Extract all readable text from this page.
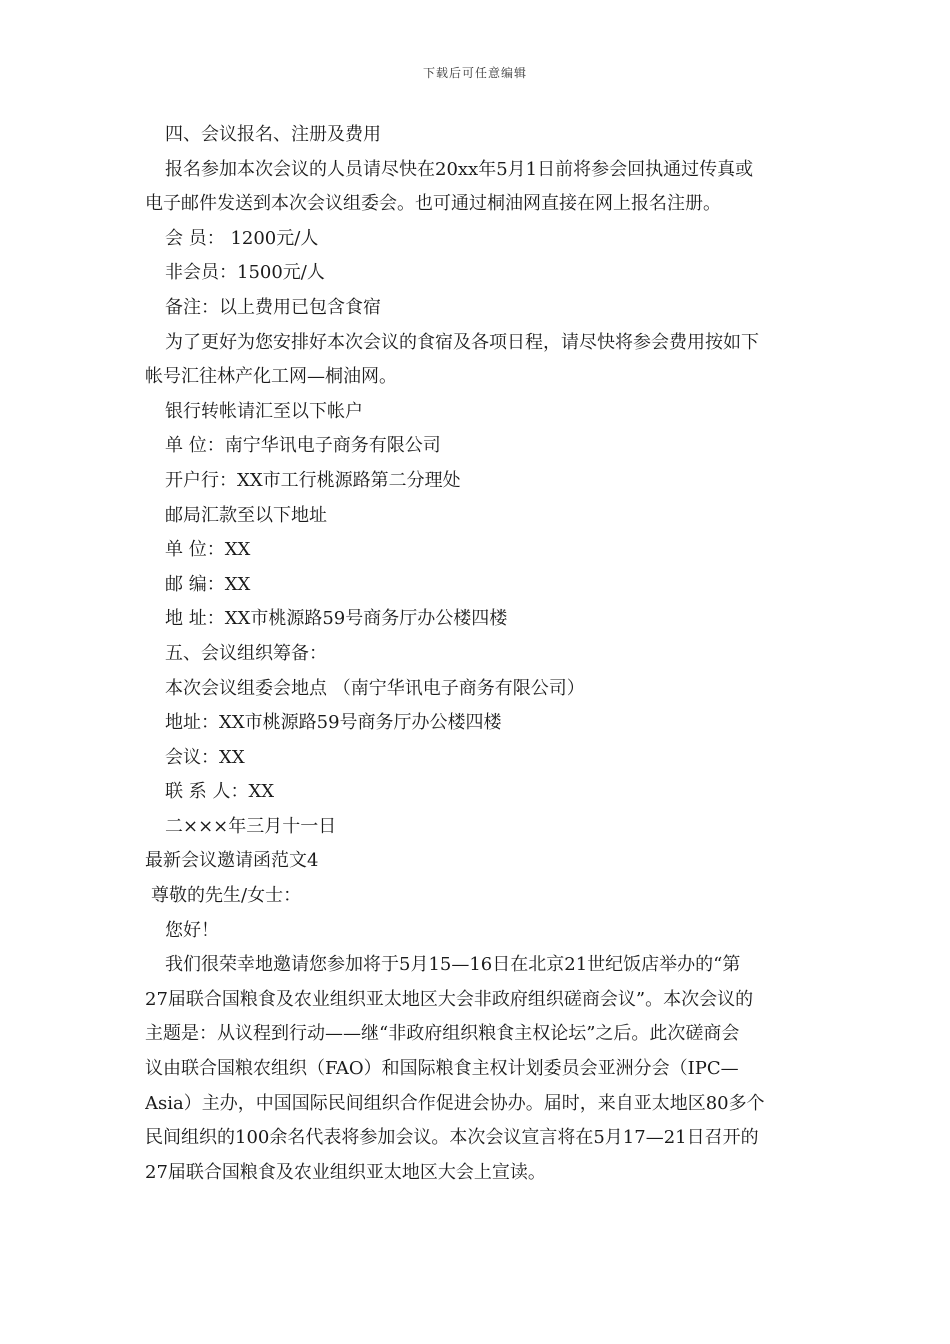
下载后可任意编辑
四、会议报名、注册及费用
报名参加本次会议的人员请尽快在20xx年5月1日前将参会回执通过传真或
电子邮件发送到本次会议组委会。也可通过桐油网直接在网上报名注册。
会 员： 1200元/人
非会员：1500元/人
备注：以上费用已包含食宿
为了更好为您安排好本次会议的食宿及各项日程，请尽快将参会费用按如下
帐号汇往林产化工网—桐油网。
银行转帐请汇至以下帐户
单 位：南宁华讯电子商务有限公司
开户行：XX市工行桃源路第二分理处
邮局汇款至以下地址
单 位：XX
邮 编：XX
地 址：XX市桃源路59号商务厅办公楼四楼
五、会议组织筹备：
本次会议组委会地点 （南宁华讯电子商务有限公司）
地址：XX市桃源路59号商务厅办公楼四楼
会议：XX
联 系 人：XX
二×××年三月十一日
最新会议邀请函范文4
尊敬的先生/女士：
您好！
我们很荣幸地邀请您参加将于5月15—16日在北京21世纪饭店举办的“第
27届联合国粮食及农业组织亚太地区大会非政府组织磋商会议”。本次会议的
主题是：从议程到行动——继“非政府组织粮食主权论坛”之后。此次磋商会
议由联合国粮农组织（FAO）和国际粮食主权计划委员会亚洲分会（IPC—
Asia）主办，中国国际民间组织合作促进会协办。届时，来自亚太地区80多个
民间组织的100余名代表将参加会议。本次会议宣言将在5月17—21日召开的
27届联合国粮食及农业组织亚太地区大会上宣读。
